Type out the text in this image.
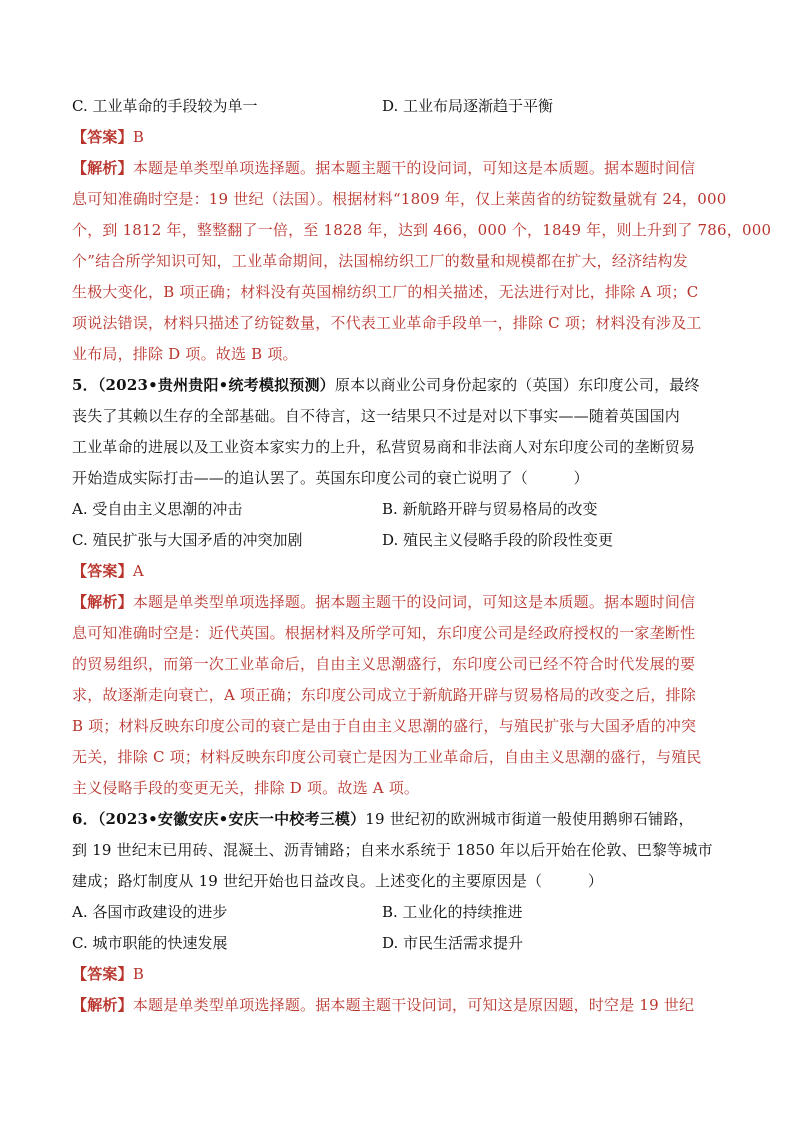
C. 工业革命的手段较为单一	D. 工业布局逐渐趋于平衡
【答案】B
【解析】本题是单类型单项选择题。据本题主题干的设问词，可知这是本质题。据本题时间信
息可知准确时空是：19 世纪（法国）。根据材料“1809 年，仅上莱茵省的纺锭数量就有 24，000
个，到 1812 年，整整翻了一倍，至 1828 年，达到 466，000 个，1849 年，则上升到了 786，000
个”结合所学知识可知，工业革命期间，法国棉纺织工厂的数量和规模都在扩大，经济结构发
生极大变化，B 项正确；材料没有英国棉纺织工厂的相关描述，无法进行对比，排除 A 项；C
项说法错误，材料只描述了纺锭数量，不代表工业革命手段单一，排除 C 项；材料没有涉及工
业布局，排除 D 项。故选 B 项。
5．（2023•贵州贵阳•统考模拟预测）原本以商业公司身份起家的（英国）东印度公司，最终
丧失了其赖以生存的全部基础。自不待言，这一结果只不过是对以下事实——随着英国国内
工业革命的进展以及工业资本家实力的上升，私营贸易商和非法商人对东印度公司的垄断贸易
开始造成实际打击——的追认罢了。英国东印度公司的衰亡说明了（　　　）
A. 受自由主义思潮的冲击	B. 新航路开辟与贸易格局的改变
C. 殖民扩张与大国矛盾的冲突加剧	D. 殖民主义侵略手段的阶段性变更
【答案】A
【解析】本题是单类型单项选择题。据本题主题干的设问词，可知这是本质题。据本题时间信
息可知准确时空是：近代英国。根据材料及所学可知，东印度公司是经政府授权的一家垄断性
的贸易组织，而第一次工业革命后，自由主义思潮盛行，东印度公司已经不符合时代发展的要
求，故逐渐走向衰亡，A 项正确；东印度公司成立于新航路开辟与贸易格局的改变之后，排除
B 项；材料反映东印度公司的衰亡是由于自由主义思潮的盛行，与殖民扩张与大国矛盾的冲突
无关，排除 C 项；材料反映东印度公司衰亡是因为工业革命后，自由主义思潮的盛行，与殖民
主义侵略手段的变更无关，排除 D 项。故选 A 项。
6．（2023•安徽安庆•安庆一中校考三模）19 世纪初的欧洲城市街道一般使用鹅卵石铺路，
到 19 世纪末已用砖、混凝土、沥青铺路；自来水系统于 1850 年以后开始在伦敦、巴黎等城市
建成；路灯制度从 19 世纪开始也日益改良。上述变化的主要原因是（　　　）
A. 各国市政建设的进步	B. 工业化的持续推进
C. 城市职能的快速发展	D. 市民生活需求提升
【答案】B
【解析】本题是单类型单项选择题。据本题主题干设问词，可知这是原因题，时空是 19 世纪
